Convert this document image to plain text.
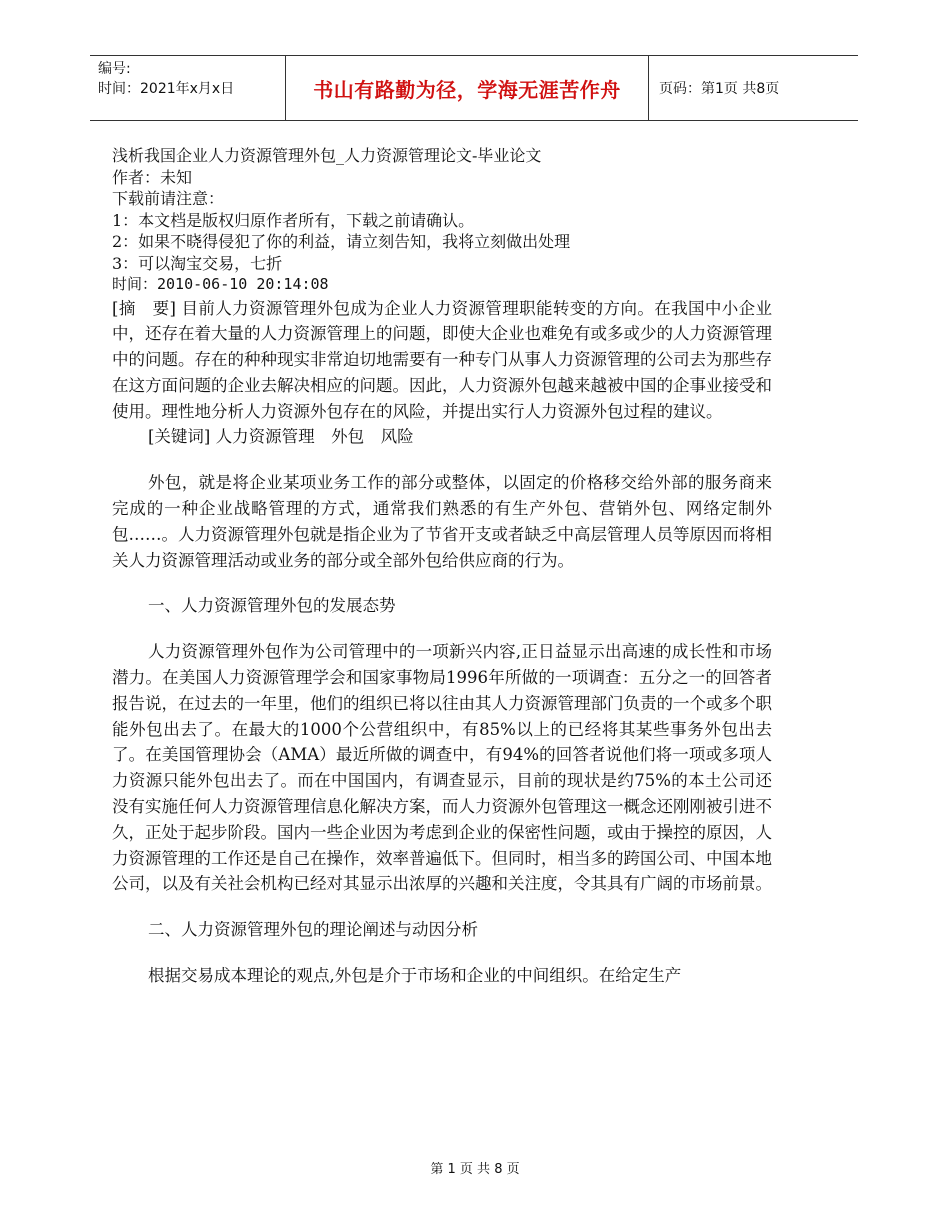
编号:
时间：2021年x月x日	书山有路勤为径，学海无涯苦作舟	页码：第1页 共8页
浅析我国企业人力资源管理外包_人力资源管理论文-毕业论文
作者：未知
下载前请注意：
1：本文档是版权归原作者所有，下载之前请确认。
2：如果不晓得侵犯了你的利益，请立刻告知，我将立刻做出处理
3：可以淘宝交易，七折
时间：2010-06-10 20:14:08

[摘　要] 目前人力资源管理外包成为企业人力资源管理职能转变的方向。在我国中小企业中，还存在着大量的人力资源管理上的问题，即使大企业也难免有或多或少的人力资源管理中的问题。存在的种种现实非常迫切地需要有一种专门从事人力资源管理的公司去为那些存在这方面问题的企业去解决相应的问题。因此，人力资源外包越来越被中国的企事业接受和使用。理性地分析人力资源外包存在的风险，并提出实行人力资源外包过程的建议。

[关键词] 人力资源管理　外包　风险

外包，就是将企业某项业务工作的部分或整体，以固定的价格移交给外部的服务商来完成的一种企业战略管理的方式，通常我们熟悉的有生产外包、营销外包、网络定制外包……。人力资源管理外包就是指企业为了节省开支或者缺乏中高层管理人员等原因而将相关人力资源管理活动或业务的部分或全部外包给供应商的行为。

一、人力资源管理外包的发展态势

人力资源管理外包作为公司管理中的一项新兴内容,正日益显示出高速的成长性和市场潜力。在美国人力资源管理学会和国家事物局1996年所做的一项调查：五分之一的回答者报告说，在过去的一年里，他们的组织已将以往由其人力资源管理部门负责的一个或多个职能外包出去了。在最大的1000个公营组织中，有85%以上的已经将其某些事务外包出去了。在美国管理协会（AMA）最近所做的调查中，有94%的回答者说他们将一项或多项人力资源只能外包出去了。而在中国国内，有调查显示，目前的现状是约75%的本土公司还没有实施任何人力资源管理信息化解决方案，而人力资源外包管理这一概念还刚刚被引进不久，正处于起步阶段。国内一些企业因为考虑到企业的保密性问题，或由于操控的原因，人力资源管理的工作还是自己在操作，效率普遍低下。但同时，相当多的跨国公司、中国本地公司，以及有关社会机构已经对其显示出浓厚的兴趣和关注度，令其具有广阔的市场前景。

二、人力资源管理外包的理论阐述与动因分析

根据交易成本理论的观点,外包是介于市场和企业的中间组织。在给定生产

第 1 页 共 8 页
